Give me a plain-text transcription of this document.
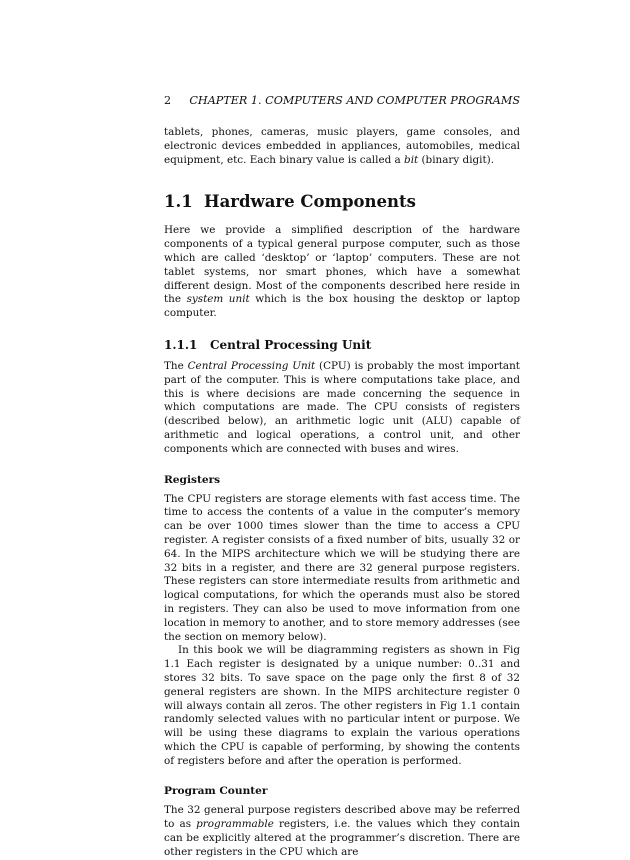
2 CHAPTER 1. COMPUTERS AND COMPUTER PROGRAMS

tablets, phones, cameras, music players, game consoles, and electronic devices embedded in appliances, automobiles, medical equipment, etc. Each binary value is called a bit (binary digit).

1.1 Hardware Components

Here we provide a simplified description of the hardware components of a typical general purpose computer, such as those which are called ‘desktop’ or ‘laptop’ computers. These are not tablet systems, nor smart phones, which have a somewhat different design. Most of the components described here reside in the system unit which is the box housing the desktop or laptop computer.

1.1.1 Central Processing Unit

The Central Processing Unit (CPU) is probably the most important part of the computer. This is where computations take place, and this is where decisions are made concerning the sequence in which computations are made. The CPU consists of registers (described below), an arithmetic logic unit (ALU) capable of arithmetic and logical operations, a control unit, and other components which are connected with buses and wires.

Registers

The CPU registers are storage elements with fast access time. The time to access the contents of a value in the computer’s memory can be over 1000 times slower than the time to access a CPU register. A register consists of a fixed number of bits, usually 32 or 64. In the MIPS architecture which we will be studying there are 32 bits in a register, and there are 32 general purpose registers. These registers can store intermediate results from arithmetic and logical computations, for which the operands must also be stored in registers. They can also be used to move information from one location in memory to another, and to store memory addresses (see the section on memory below).

In this book we will be diagramming registers as shown in Fig 1.1 Each register is designated by a unique number: 0..31 and stores 32 bits. To save space on the page only the first 8 of 32 general registers are shown. In the MIPS architecture register 0 will always contain all zeros. The other registers in Fig 1.1 contain randomly selected values with no particular intent or purpose. We will be using these diagrams to explain the various operations which the CPU is capable of performing, by showing the contents of registers before and after the operation is performed.

Program Counter

The 32 general purpose registers described above may be referred to as programmable registers, i.e. the values which they contain can be explicitly altered at the programmer’s discretion. There are other registers in the CPU which are
